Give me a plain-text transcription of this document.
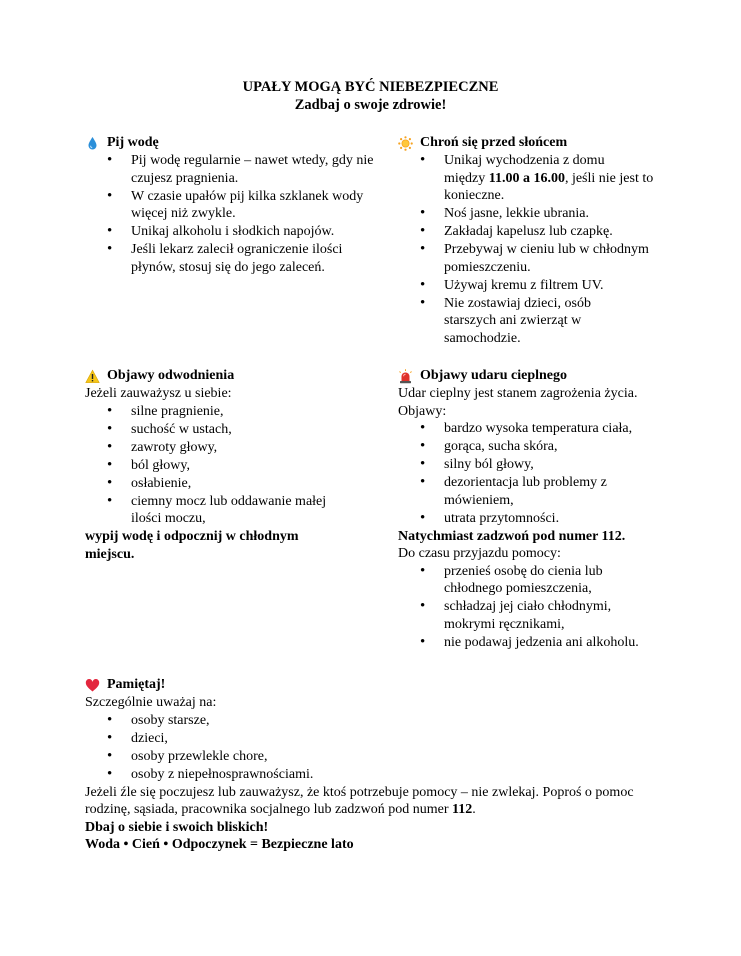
UPAŁY MOGĄ BYĆ NIEBEZPIECZNE
Zadbaj o swoje zdrowie!
Pij wodę
• Pij wodę regularnie – nawet wtedy, gdy nie czujesz pragnienia.
• W czasie upałów pij kilka szklanek wody więcej niż zwykle.
• Unikaj alkoholu i słodkich napojów.
• Jeśli lekarz zalecił ograniczenie ilości płynów, stosuj się do jego zaleceń.
Chroń się przed słońcem
• Unikaj wychodzenia z domu
między 11.00 a 16.00, jeśli nie jest to konieczne.
• Noś jasne, lekkie ubrania.
• Zakładaj kapelusz lub czapkę.
• Przebywaj w cieniu lub w chłodnym pomieszczeniu.
• Używaj kremu z filtrem UV.
• Nie zostawiaj dzieci, osób starszych ani zwierząt w samochodzie.
Objawy odwodnienia

Jeżeli zauważysz u siebie:

• silne pragnienie,
• suchość w ustach,
• zawroty głowy,
• ból głowy,
• osłabienie,
• ciemny mocz lub oddawanie małej ilości moczu,

wypij wodę i odpocznij w chłodnym miejscu.

Objawy udaru cieplnego

Udar cieplny jest stanem zagrożenia życia.

Objawy:

• bardzo wysoka temperatura ciała,
• gorąca, sucha skóra,
• silny ból głowy,
• dezorientacja lub problemy z mówieniem,
• utrata przytomności.

Natychmiast zadzwoń pod numer 112.

Do czasu przyjazdu pomocy:

• przenieś osobę do cienia lub chłodnego pomieszczenia,
• schładzaj jej ciało chłodnymi, mokrymi ręcznikami,
• nie podawaj jedzenia ani alkoholu.
Pamiętaj!

Szczególnie uważaj na:

• osoby starsze,
• dzieci,
• osoby przewlekle chore,
• osoby z niepełnosprawnościami.

Jeżeli źle się poczujesz lub zauważysz, że ktoś potrzebuje pomocy – nie zwlekaj. Poproś o pomoc rodzinę, sąsiada, pracownika socjalnego lub zadzwoń pod numer 112.

Dbaj o siebie i swoich bliskich!

Woda • Cień • Odpoczynek = Bezpieczne lato
